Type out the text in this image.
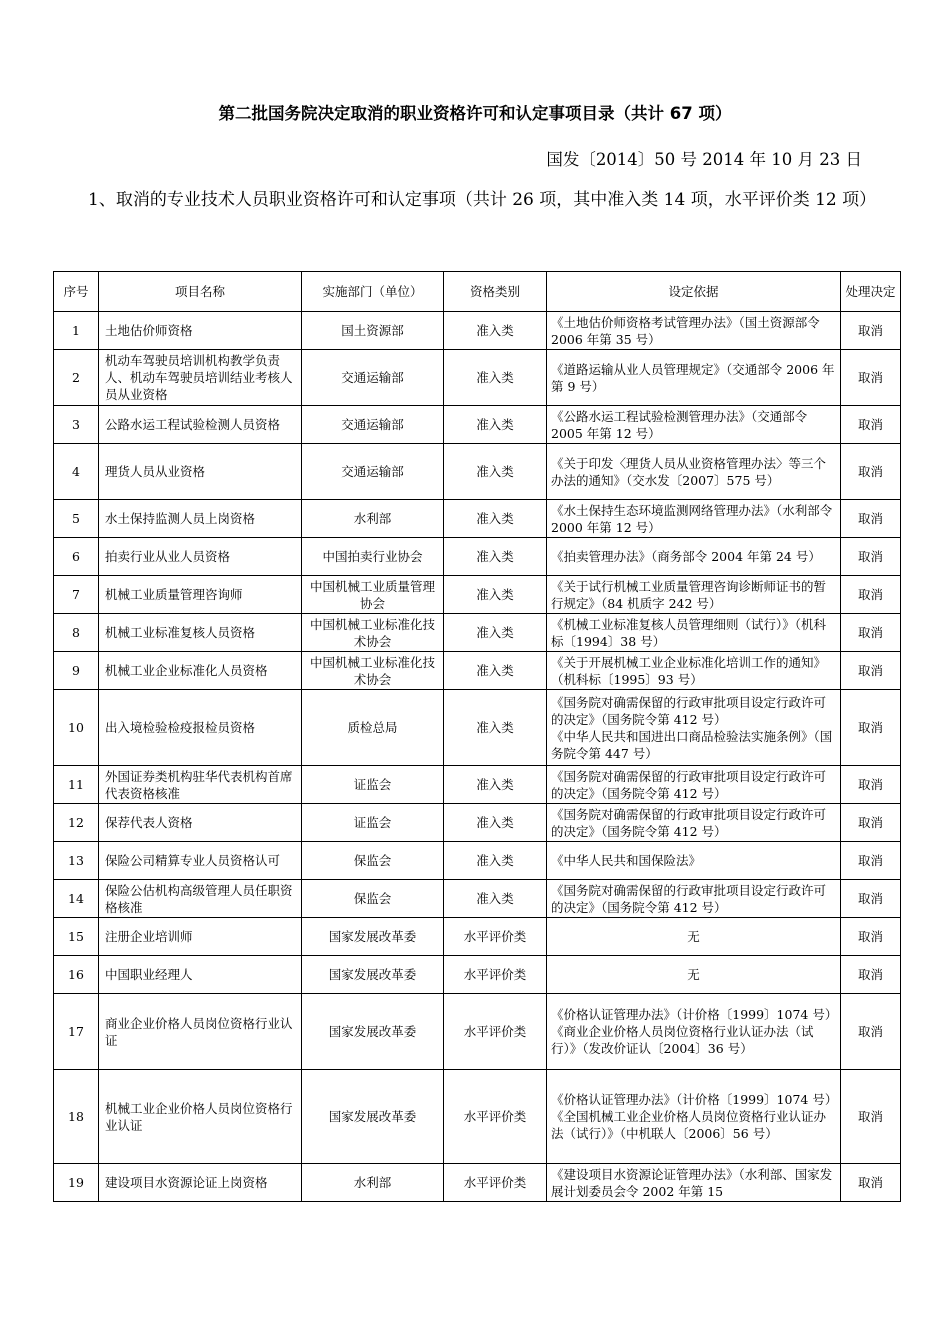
第二批国务院决定取消的职业资格许可和认定事项目录（共计 67 项）
国发〔2014〕50 号 2014 年 10 月 23 日
1、取消的专业技术人员职业资格许可和认定事项（共计 26 项，其中准入类 14 项，水平评价类 12 项）
序号	项目名称	实施部门（单位）	资格类别	设定依据	处理决定
1	土地估价师资格	国土资源部	准入类	《土地估价师资格考试管理办法》（国土资源部令 2006 年第 35 号）	取消
2	机动车驾驶员培训机构教学负责人、机动车驾驶员培训结业考核人员从业资格	交通运输部	准入类	《道路运输从业人员管理规定》（交通部令 2006 年第 9 号）	取消
3	公路水运工程试验检测人员资格	交通运输部	准入类	《公路水运工程试验检测管理办法》（交通部令 2005 年第 12 号）	取消
4	理货人员从业资格	交通运输部	准入类	《关于印发〈理货人员从业资格管理办法〉等三个办法的通知》（交水发〔2007〕575 号）	取消
5	水土保持监测人员上岗资格	水利部	准入类	《水土保持生态环境监测网络管理办法》（水利部令 2000 年第 12 号）	取消
6	拍卖行业从业人员资格	中国拍卖行业协会	准入类	《拍卖管理办法》（商务部令 2004 年第 24 号）	取消
7	机械工业质量管理咨询师	中国机械工业质量管理协会	准入类	《关于试行机械工业质量管理咨询诊断师证书的暂行规定》（84 机质字 242 号）	取消
8	机械工业标准复核人员资格	中国机械工业标准化技术协会	准入类	《机械工业标准复核人员管理细则（试行）》（机科标〔1994〕38 号）	取消
9	机械工业企业标准化人员资格	中国机械工业标准化技术协会	准入类	《关于开展机械工业企业标准化培训工作的通知》（机科标〔1995〕93 号）	取消
10	出入境检验检疫报检员资格	质检总局	准入类	《国务院对确需保留的行政审批项目设定行政许可的决定》（国务院令第 412 号）
《中华人民共和国进出口商品检验法实施条例》（国务院令第 447 号）	取消
11	外国证券类机构驻华代表机构首席代表资格核准	证监会	准入类	《国务院对确需保留的行政审批项目设定行政许可的决定》（国务院令第 412 号）	取消
12	保荐代表人资格	证监会	准入类	《国务院对确需保留的行政审批项目设定行政许可的决定》（国务院令第 412 号）	取消
13	保险公司精算专业人员资格认可	保监会	准入类	《中华人民共和国保险法》	取消
14	保险公估机构高级管理人员任职资格核准	保监会	准入类	《国务院对确需保留的行政审批项目设定行政许可的决定》（国务院令第 412 号）	取消
15	注册企业培训师	国家发展改革委	水平评价类	无	取消
16	中国职业经理人	国家发展改革委	水平评价类	无	取消
17	商业企业价格人员岗位资格行业认证	国家发展改革委	水平评价类	《价格认证管理办法》（计价格〔1999〕1074 号）
《商业企业价格人员岗位资格行业认证办法（试行）》（发改价证认〔2004〕36 号）	取消
18	机械工业企业价格人员岗位资格行业认证	国家发展改革委	水平评价类	《价格认证管理办法》（计价格〔1999〕1074 号）
《全国机械工业企业价格人员岗位资格行业认证办法（试行）》（中机联人〔2006〕56 号）	取消
19	建设项目水资源论证上岗资格	水利部	水平评价类	《建设项目水资源论证管理办法》（水利部、国家发展计划委员会令 2002 年第 15	取消
